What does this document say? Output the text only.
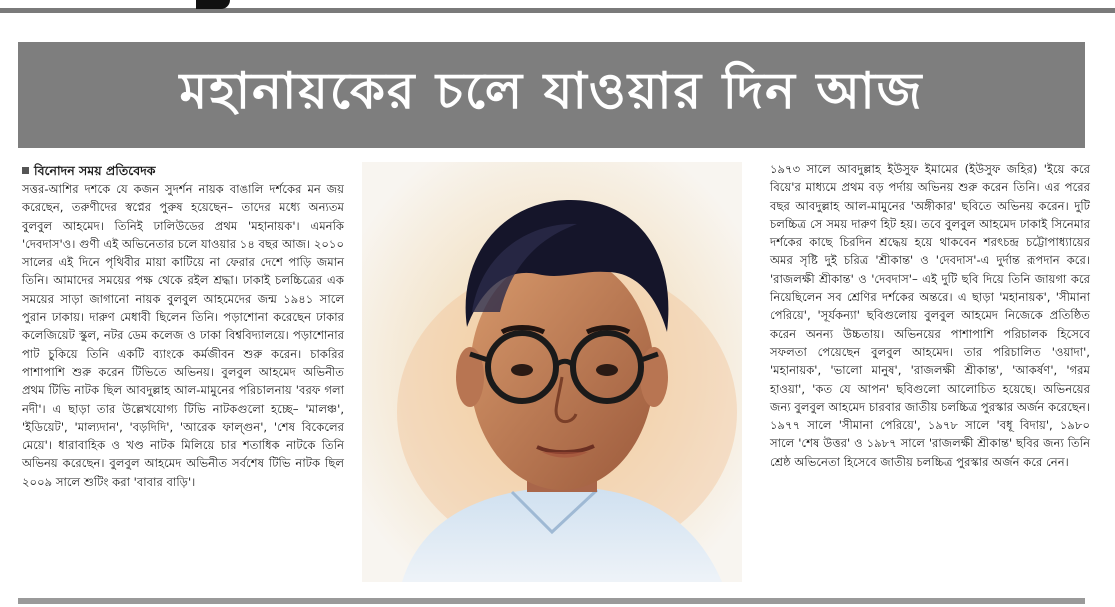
মহানায়কের চলে যাওয়ার দিন আজ
বিনোদন সময় প্রতিবেদক

সত্তর-আশির দশকে যে কজন সুদর্শন নায়ক বাঙালি দর্শকের মন জয় করেছেন, তরুণীদের স্বপ্নের পুরুষ হয়েছেন– তাদের মধ্যে অন্যতম বুলবুল আহমেদ। তিনিই ঢালিউডের প্রথম 'মহানায়ক'। এমনকি 'দেবদাস'ও। গুণী এই অভিনেতার চলে যাওয়ার ১৪ বছর আজ। ২০১০ সালের এই দিনে পৃথিবীর মায়া কাটিয়ে না ফেরার দেশে পাড়ি জমান তিনি। আমাদের সময়ের পক্ষ থেকে রইল শ্রদ্ধা। ঢাকাই চলচ্চিত্রের এক সময়ের সাড়া জাগানো নায়ক বুলবুল আহমেদের জন্ম ১৯৪১ সালে পুরান ঢাকায়। দারুণ মেধাবী ছিলেন তিনি। পড়াশোনা করেছেন ঢাকার কলেজিয়েট স্কুল, নটর ডেম কলেজ ও ঢাকা বিশ্ববিদ্যালয়ে। পড়াশোনার পাট চুকিয়ে তিনি একটি ব্যাংকে কর্মজীবন শুরু করেন। চাকরির পাশাপাশি শুরু করেন টিভিতে অভিনয়। বুলবুল আহমেদ অভিনীত প্রথম টিভি নাটক ছিল আবদুল্লাহ আল-মামুনের পরিচালনায় 'বরফ গলা নদী'। এ ছাড়া তার উল্লেখযোগ্য টিভি নাটকগুলো হচ্ছে– 'মালঞ্চ', 'ইডিয়েট', 'মাল্যদান', 'বড়দিদি', 'আরেক ফাল্গুন', 'শেষ বিকেলের মেয়ে'। ধারাবাহিক ও খণ্ড নাটক মিলিয়ে চার শতাধিক নাটকে তিনি অভিনয় করেছেন। বুলবুল আহমেদ অভিনীত সর্বশেষ টিভি নাটক ছিল ২০০৯ সালে শুটিং করা 'বাবার বাড়ি'।

১৯৭৩ সালে আবদুল্লাহ ইউসুফ ইমামের (ইউসুফ জহির) 'ইয়ে করে বিয়ে'র মাধ্যমে প্রথম বড় পর্দায় অভিনয় শুরু করেন তিনি। এর পরের বছর আবদুল্লাহ আল-মামুনের 'অঙ্গীকার' ছবিতে অভিনয় করেন। দুটি চলচ্চিত্র সে সময় দারুণ হিট হয়। তবে বুলবুল আহমেদ ঢাকাই সিনেমার দর্শকের কাছে চিরদিন শ্রদ্ধেয় হয়ে থাকবেন শরৎচন্দ্র চট্টোপাধ্যায়ের অমর সৃষ্টি দুই চরিত্র 'শ্রীকান্ত' ও 'দেবদাস'-এ দুর্দান্ত রূপদান করে। 'রাজলক্ষী শ্রীকান্ত' ও 'দেবদাস'– এই দুটি ছবি দিয়ে তিনি জায়গা করে নিয়েছিলেন সব শ্রেণির দর্শকের অন্তরে। এ ছাড়া 'মহানায়ক', 'সীমানা পেরিয়ে', 'সূর্যকন্যা' ছবিগুলোয় বুলবুল আহমেদ নিজেকে প্রতিষ্ঠিত করেন অনন্য উচ্চতায়। অভিনয়ের পাশাপাশি পরিচালক হিসেবে সফলতা পেয়েছেন বুলবুল আহমেদ। তার পরিচালিত 'ওয়াদা', 'মহানায়ক', 'ভালো মানুষ', 'রাজলক্ষী শ্রীকান্ত', 'আকর্ষণ', 'গরম হাওয়া', 'কত যে আপন' ছবিগুলো আলোচিত হয়েছে। অভিনয়ের জন্য বুলবুল আহমেদ চারবার জাতীয় চলচ্চিত্র পুরস্কার অর্জন করেছেন। ১৯৭৭ সালে 'সীমানা পেরিয়ে', ১৯৭৮ সালে 'বধূ বিদায়', ১৯৮০ সালে 'শেষ উত্তর' ও ১৯৮৭ সালে 'রাজলক্ষী শ্রীকান্ত' ছবির জন্য তিনি শ্রেষ্ঠ অভিনেতা হিসেবে জাতীয় চলচ্চিত্র পুরস্কার অর্জন করে নেন।
